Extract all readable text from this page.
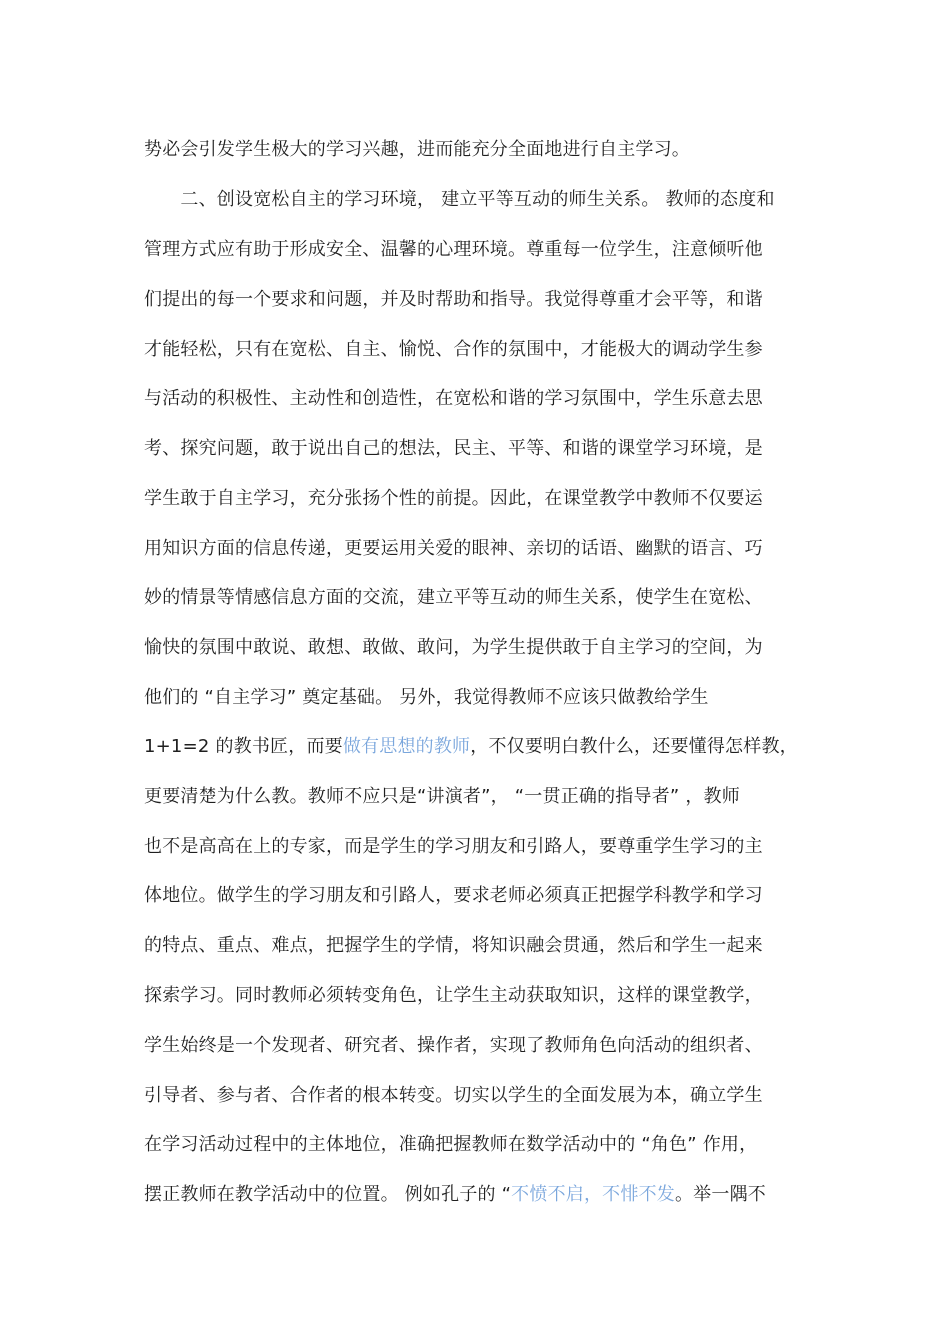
势必会引发学生极大的学习兴趣，进而能充分全面地进行自主学习。
　　二、创设宽松自主的学习环境， 建立平等互动的师生关系。 教师的态度和
管理方式应有助于形成安全、温馨的心理环境。尊重每一位学生，注意倾听他
们提出的每一个要求和问题，并及时帮助和指导。我觉得尊重才会平等，和谐
才能轻松，只有在宽松、自主、愉悦、合作的氛围中，才能极大的调动学生参
与活动的积极性、主动性和创造性，在宽松和谐的学习氛围中，学生乐意去思
考、探究问题，敢于说出自己的想法，民主、平等、和谐的课堂学习环境，是
学生敢于自主学习，充分张扬个性的前提。因此，在课堂教学中教师不仅要运
用知识方面的信息传递，更要运用关爱的眼神、亲切的话语、幽默的语言、巧
妙的情景等情感信息方面的交流，建立平等互动的师生关系，使学生在宽松、
愉快的氛围中敢说、敢想、敢做、敢问，为学生提供敢于自主学习的空间，为
他们的 “自主学习” 奠定基础。 另外，我觉得教师不应该只做教给学生
1+1=2 的教书匠，而要做有思想的教师，不仅要明白教什么，还要懂得怎样教，
更要清楚为什么教。教师不应只是“讲演者”， “一贯正确的指导者” ，教师
也不是高高在上的专家，而是学生的学习朋友和引路人，要尊重学生学习的主
体地位。做学生的学习朋友和引路人，要求老师必须真正把握学科教学和学习
的特点、重点、难点，把握学生的学情，将知识融会贯通，然后和学生一起来
探索学习。同时教师必须转变角色，让学生主动获取知识，这样的课堂教学，
学生始终是一个发现者、研究者、操作者，实现了教师角色向活动的组织者、
引导者、参与者、合作者的根本转变。切实以学生的全面发展为本，确立学生
在学习活动过程中的主体地位，准确把握教师在数学活动中的 “角色” 作用，
摆正教师在教学活动中的位置。 例如孔子的 “不愤不启，不悱不发。举一隅不
